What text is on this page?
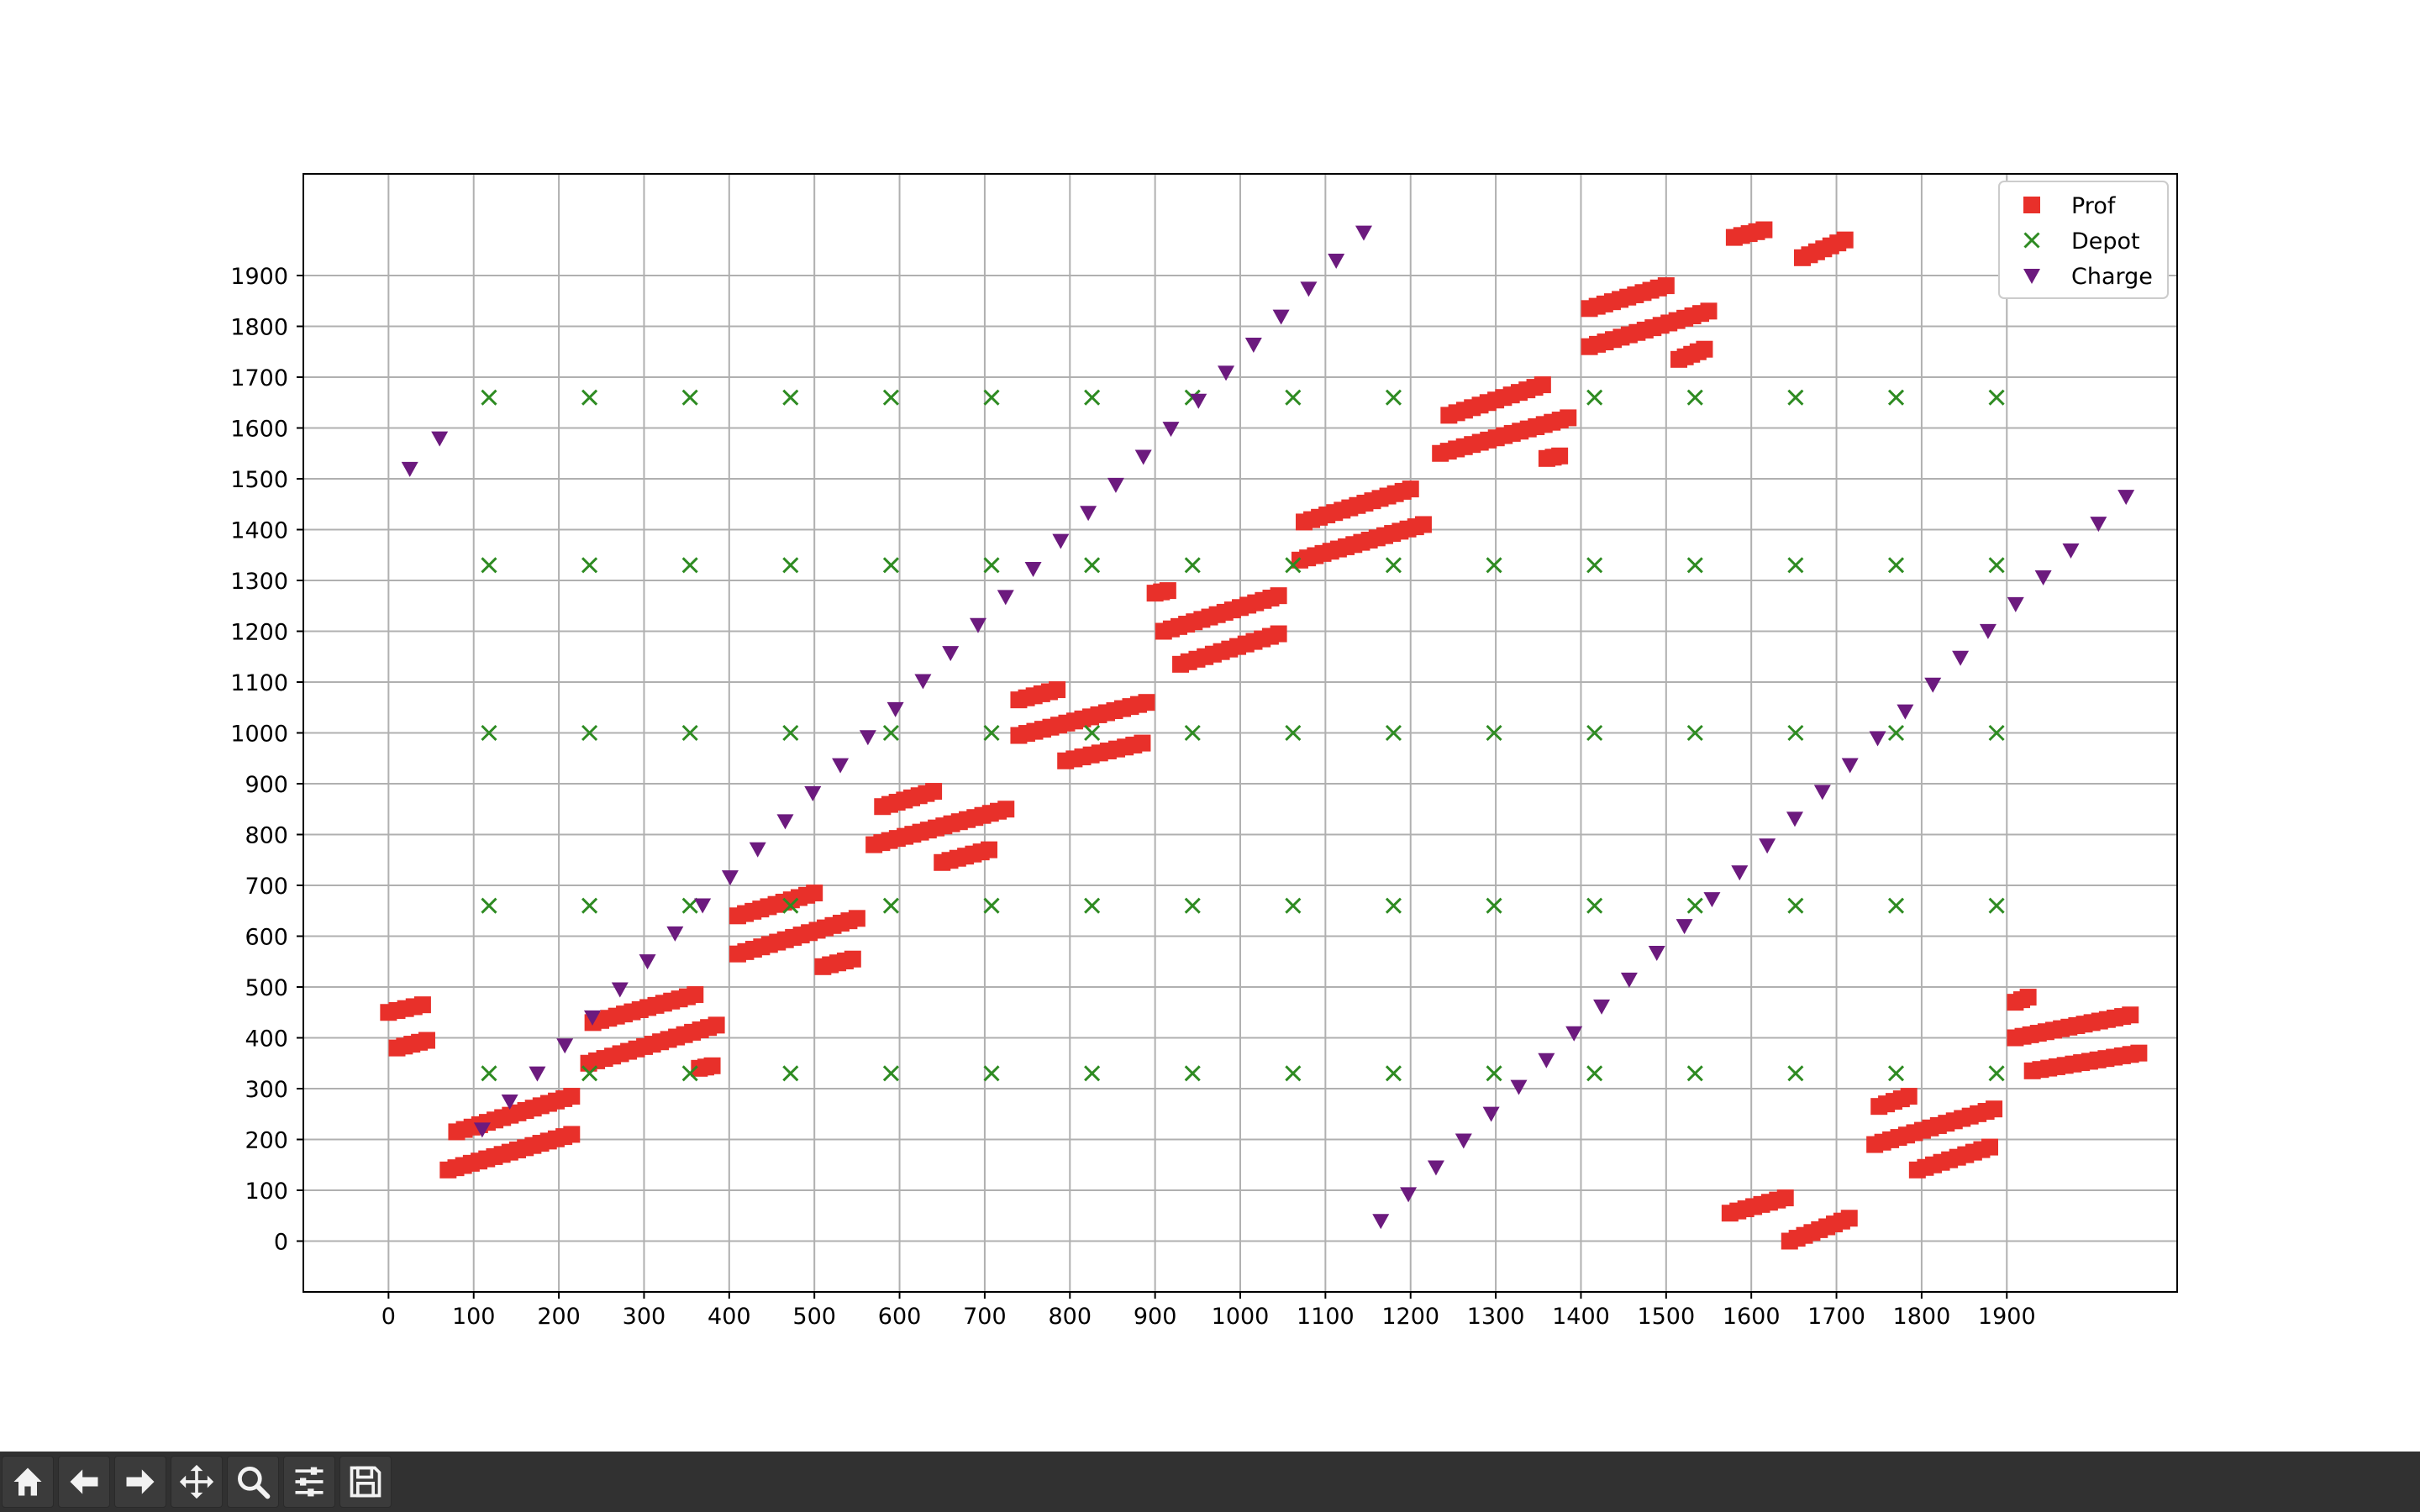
0 100 200 300 400 500 600 700 800 900 1000 1100 1200 1300 1400 1500 1600 1700 1800 1900
0
100
200
300
400
500
600
700
800
900
1000
1100
1200
1300
1400
1500
1600
1700
1800
1900
Prof
Depot
Charge
